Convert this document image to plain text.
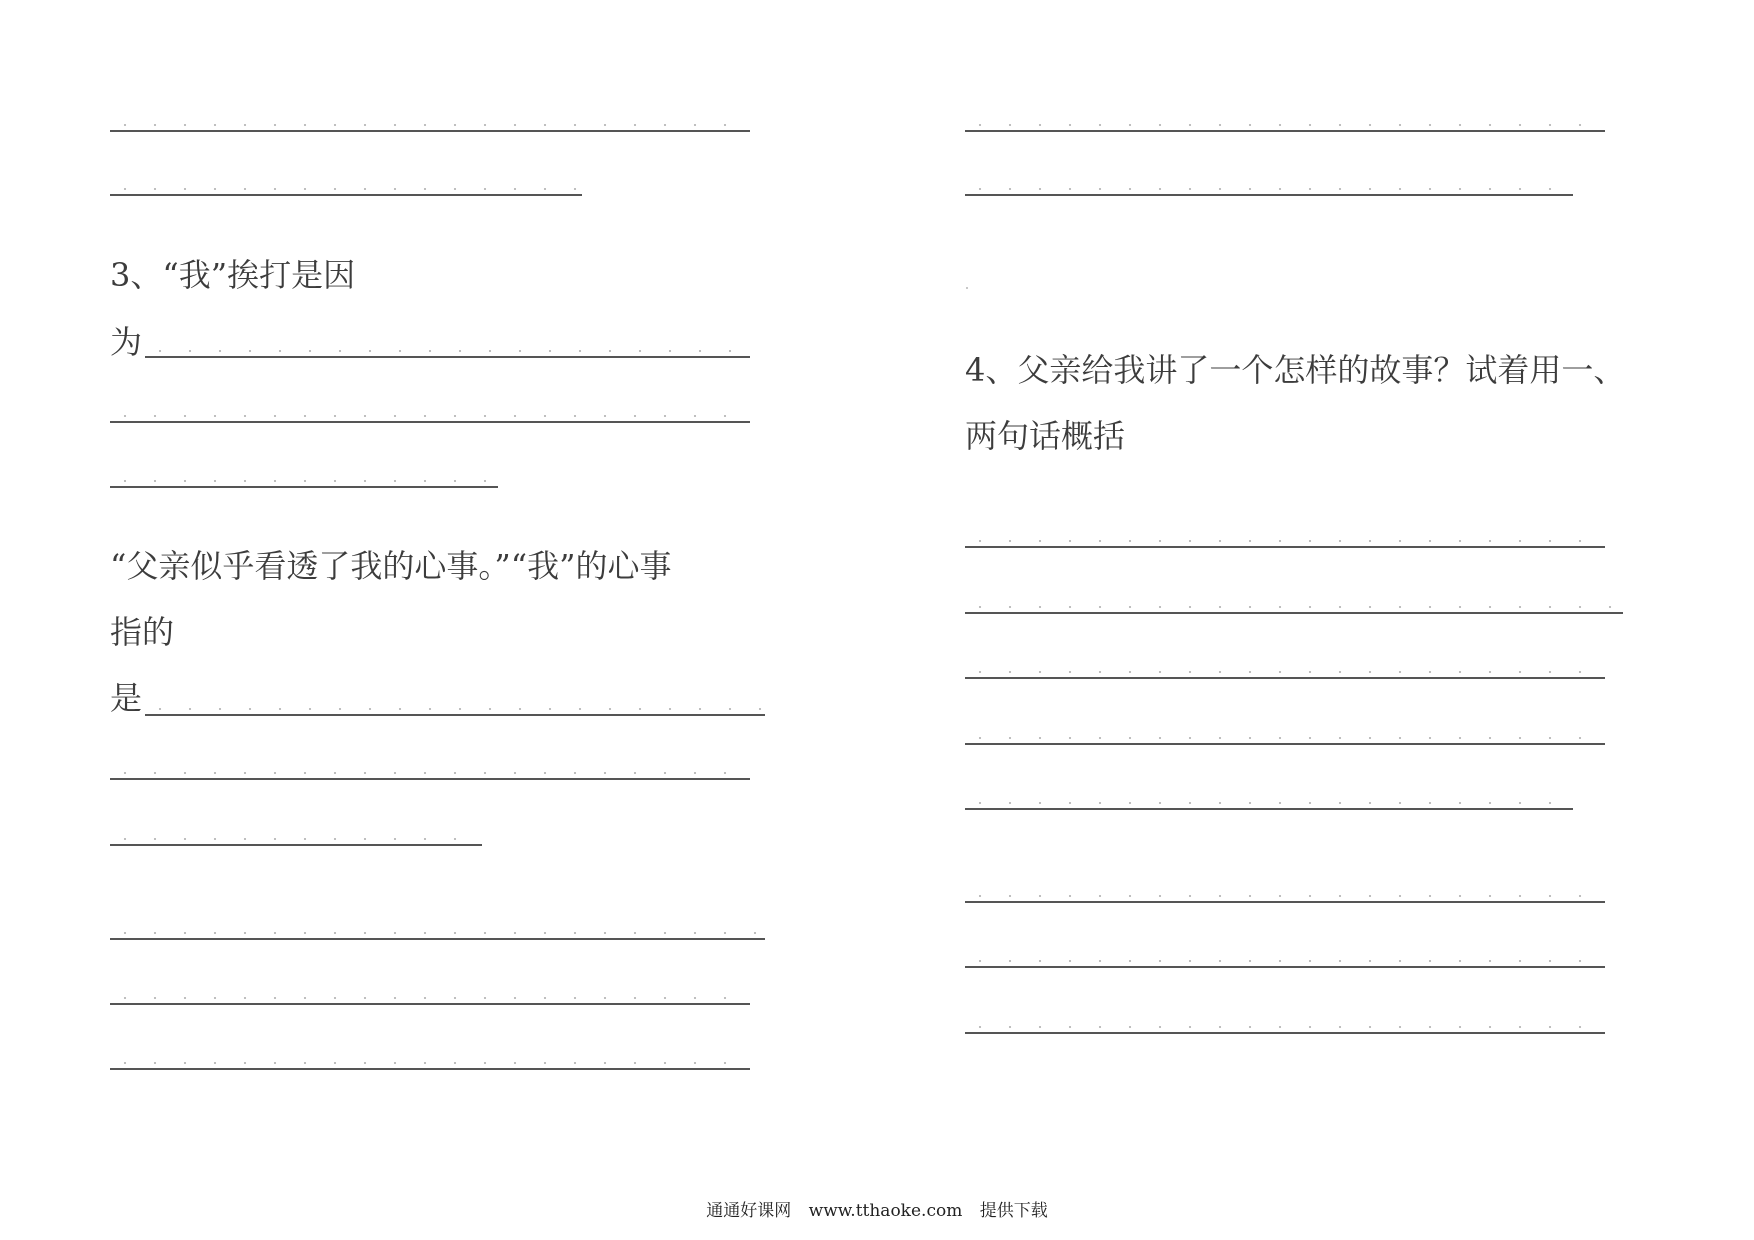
3、“我”挨打是因
为
“父亲似乎看透了我的心事。”“我”的心事
指的
是
4、父亲给我讲了一个怎样的故事？试着用一、
两句话概括
通通好课网 www.tthaoke.com 提供下载
